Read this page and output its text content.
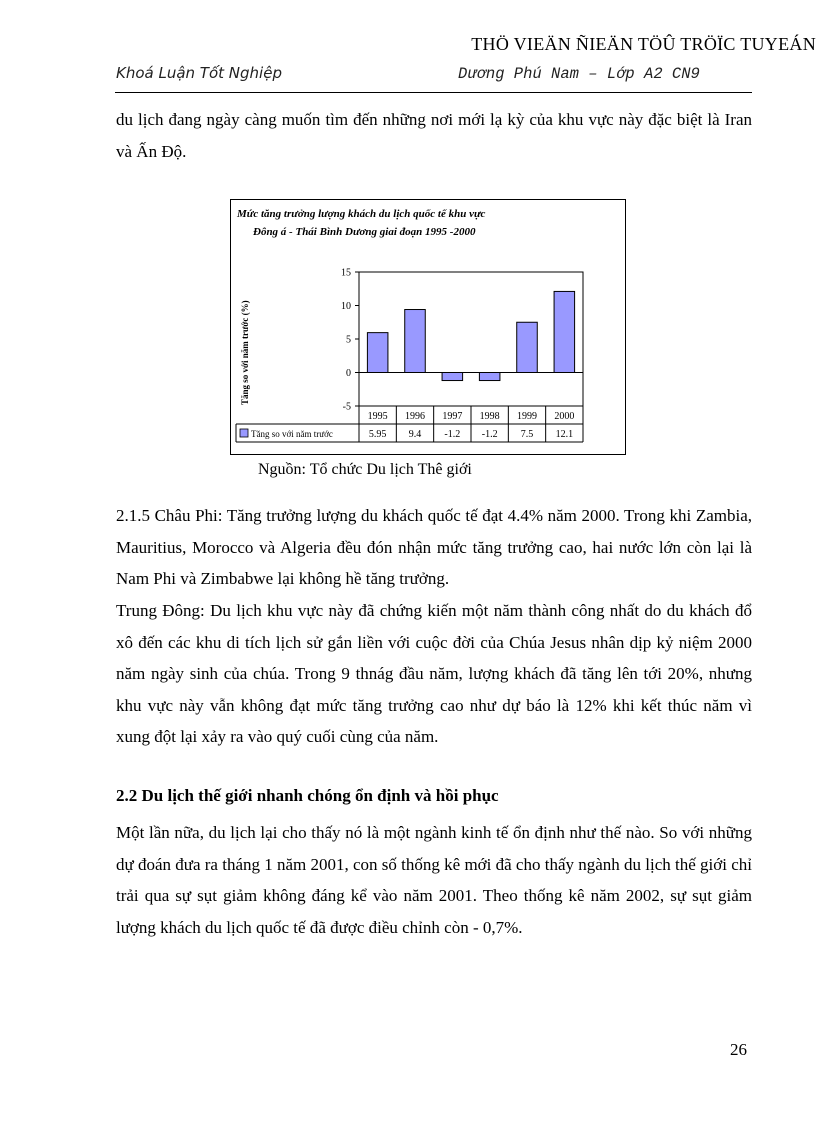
THÖ VIEÄN ÑIEÄN TÖÛ TRÖÏC TUYEÁN
Khoá Luận Tốt Nghiệp	Dương Phú Nam – Lớp A2 CN9
du lịch đang ngày càng muốn tìm đến những nơi mới lạ kỳ của khu vực này đặc biệt là Iran và Ấn Độ.
Mức tăng trưởng lượng khách du lịch quốc tế khu vực
Đông á - Thái Bình Dương giai đoạn 1995 -2000
Tăng so với năm trước (%)
15
10
5
0
-5
Tăng so với năm trước
1995
5.95
1996
9.4
1997
-1.2
1998
-1.2
1999
7.5
2000
12.1
Nguồn: Tổ chức Du lịch Thê giới
2.1.5 Châu Phi: Tăng trưởng lượng du khách quốc tế đạt 4.4% năm 2000. Trong khi Zambia, Mauritius, Morocco và Algeria đều đón nhận mức tăng trưởng cao, hai nước lớn còn lại là Nam Phi và Zimbabwe lại không hề tăng trưởng.
Trung Đông: Du lịch khu vực này đã chứng kiến một năm thành công nhất do du khách đổ xô đến các khu di tích lịch sử gắn liền với cuộc đời của Chúa Jesus nhân dịp kỷ niệm 2000 năm ngày sinh của chúa. Trong 9 thnág đầu năm, lượng khách đã tăng lên tới 20%, nhưng khu vực này vẫn không đạt mức tăng trưởng cao như dự báo là 12% khi kết thúc năm vì xung đột lại xảy ra vào quý cuối cùng của năm.
2.2 Du lịch thế giới nhanh chóng ổn định và hồi phục
Một lần nữa, du lịch lại cho thấy nó là một ngành kinh tế ổn định như thế nào. So với những dự đoán đưa ra tháng 1 năm 2001, con số thống kê mới đã cho thấy ngành du lịch thế giới chỉ trải qua sự sụt giảm không đáng kể vào năm 2001. Theo thống kê năm 2002, sự sụt giảm lượng khách du lịch quốc tế đã được điều chỉnh còn - 0,7%.
26
